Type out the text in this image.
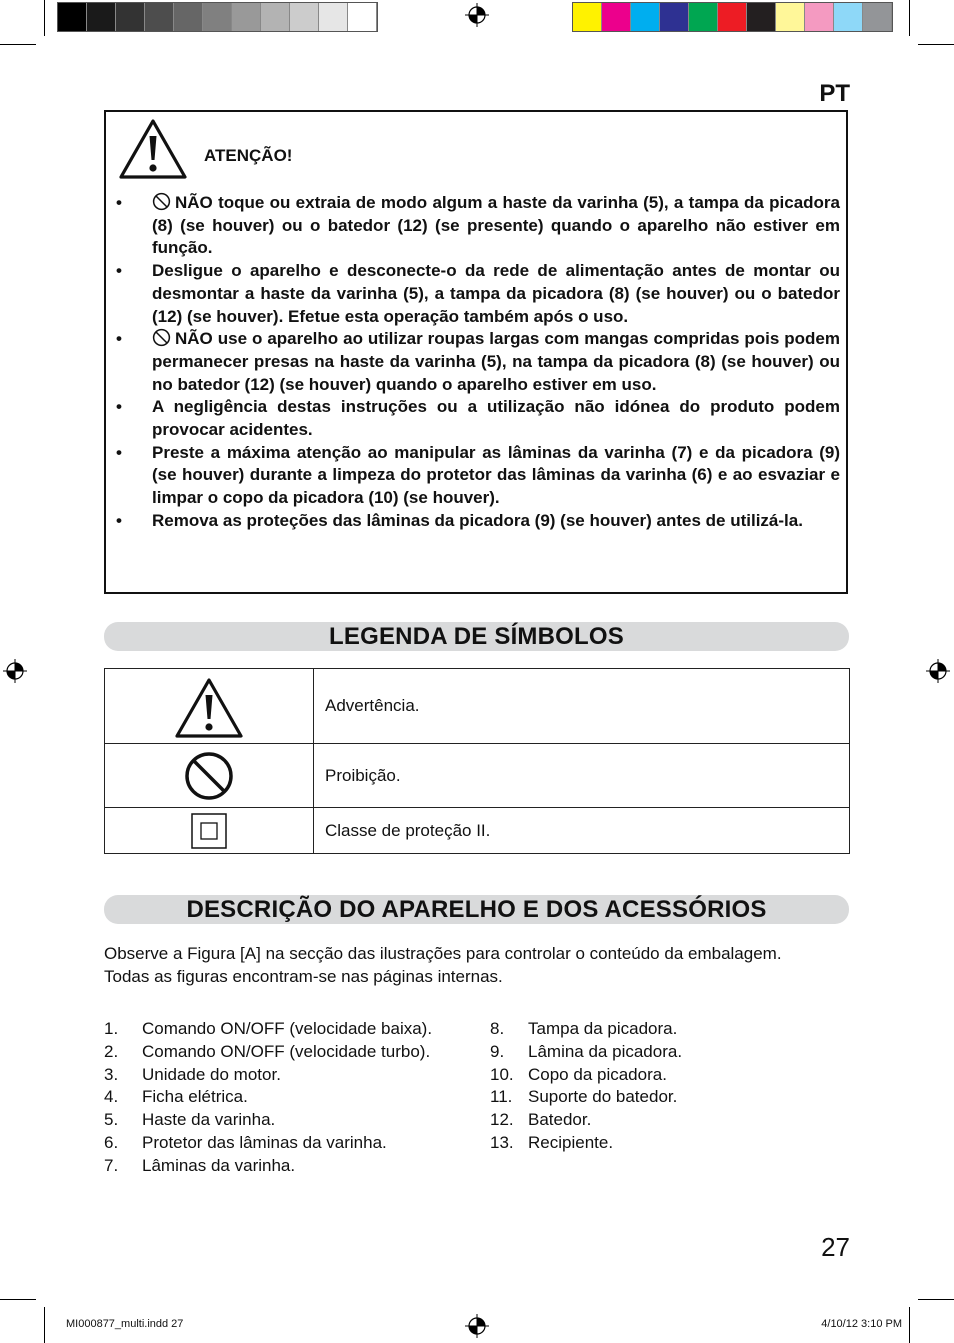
PT
ATENÇÃO!

•	NÃO toque ou extraia de modo algum a haste da varinha (5), a tampa da picadora (8) (se houver) ou o batedor (12) (se presente) quando o aparelho não estiver em função.

• Desligue o aparelho e desconecte-o da rede de alimentação antes de montar ou desmontar a haste da varinha (5), a tampa da picadora (8) (se houver) ou o batedor (12) (se houver). Efetue esta operação também após o uso.

•	NÃO use o aparelho ao utilizar roupas largas com mangas compridas pois podem permanecer presas na haste da varinha (5), na tampa da picadora (8) (se houver) ou no batedor (12) (se houver) quando o aparelho estiver em uso.

• A negligência destas instruções ou a utilização não idónea do produto podem provocar acidentes.

• Preste a máxima atenção ao manipular as lâminas da varinha (7) e da picadora (9) (se houver) durante a limpeza do protetor das lâminas da varinha (6) e ao esvaziar e limpar o copo da picadora (10) (se houver).

• Remova as proteções das lâminas da picadora (9) (se houver) antes de utilizá-la.

LEGENDA DE SÍMBOLOS
	Advertência.

	Proibição.

	Classe de proteção II.
DESCRIÇÃO DO APARELHO E DOS ACESSÓRIOS
Observe a Figura [A] na secção das ilustrações para controlar o conteúdo da embalagem.
Todas as figuras encontram-se nas páginas internas.
1. Comando ON/OFF (velocidade baixa).
2. Comando ON/OFF (velocidade turbo).
3. Unidade do motor.
4. Ficha elétrica.
5. Haste da varinha.
6. Protetor das lâminas da varinha.
7. Lâminas da varinha.
8. Tampa da picadora.
9. Lâmina da picadora.
10. Copo da picadora.
11. Suporte do batedor.
12. Batedor.
13. Recipiente.
27
MI000877_multi.indd 27	4/10/12 3:10 PM
